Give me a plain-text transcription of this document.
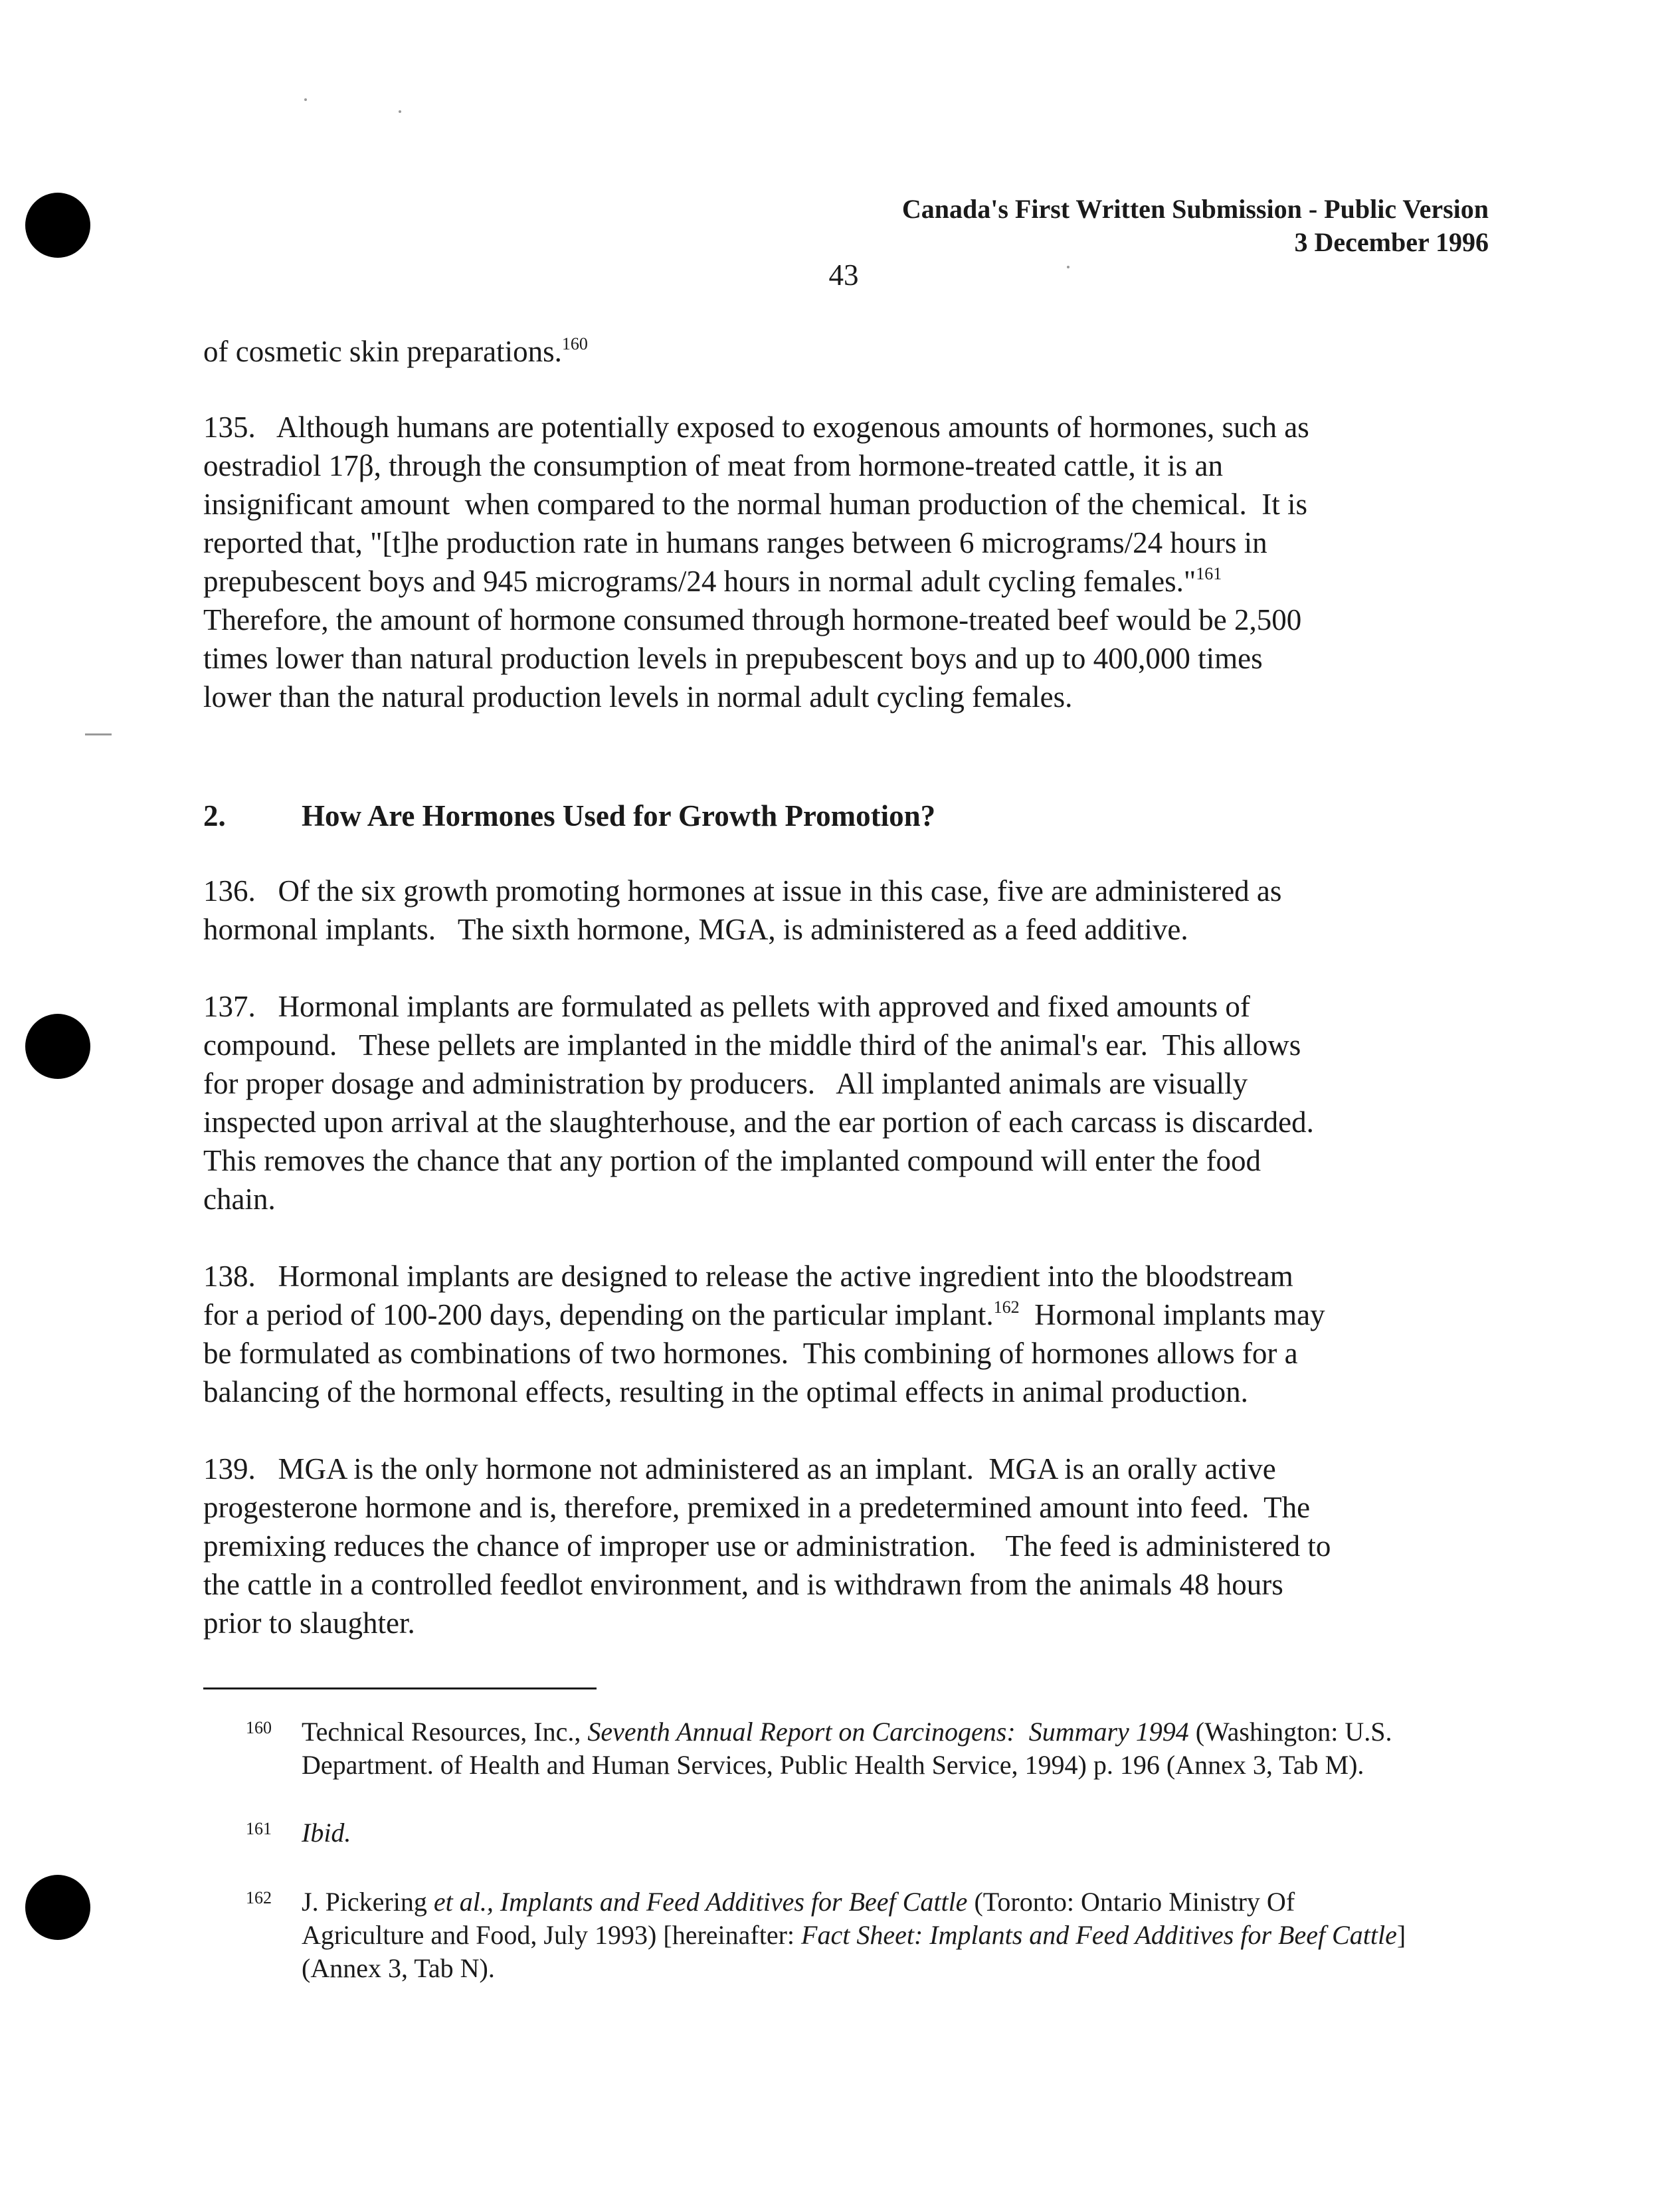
Canada's First Written Submission - Public Version
3 December 1996
43
of cosmetic skin preparations.$^{160}$
135.   Although humans are potentially exposed to exogenous amounts of hormones, such as
oestradiol 17β, through the consumption of meat from hormone-treated cattle, it is an
insignificant amount  when compared to the normal human production of the chemical.  It is
reported that, "[t]he production rate in humans ranges between 6 micrograms/24 hours in
prepubescent boys and 945 micrograms/24 hours in normal adult cycling females."$^{161}$
Therefore, the amount of hormone consumed through hormone-treated beef would be 2,500
times lower than natural production levels in prepubescent boys and up to 400,000 times
lower than the natural production levels in normal adult cycling females.
2.	How Are Hormones Used for Growth Promotion?
136.   Of the six growth promoting hormones at issue in this case, five are administered as
hormonal implants.   The sixth hormone, MGA, is administered as a feed additive.
137.   Hormonal implants are formulated as pellets with approved and fixed amounts of
compound.   These pellets are implanted in the middle third of the animal's ear.  This allows
for proper dosage and administration by producers.   All implanted animals are visually
inspected upon arrival at the slaughterhouse, and the ear portion of each carcass is discarded.
This removes the chance that any portion of the implanted compound will enter the food
chain.
138.   Hormonal implants are designed to release the active ingredient into the bloodstream
for a period of 100-200 days, depending on the particular implant.$^{162}$  Hormonal implants may
be formulated as combinations of two hormones.  This combining of hormones allows for a
balancing of the hormonal effects, resulting in the optimal effects in animal production.
139.   MGA is the only hormone not administered as an implant.  MGA is an orally active
progesterone hormone and is, therefore, premixed in a predetermined amount into feed.  The
premixing reduces the chance of improper use or administration.    The feed is administered to
the cattle in a controlled feedlot environment, and is withdrawn from the animals 48 hours
prior to slaughter.
160 Technical Resources, Inc., Seventh Annual Report on Carcinogens:  Summary 1994 (Washington: U.S.
Department. of Health and Human Services, Public Health Service, 1994) p. 196 (Annex 3, Tab M).
161 Ibid.
162 J. Pickering et al., Implants and Feed Additives for Beef Cattle (Toronto: Ontario Ministry Of
Agriculture and Food, July 1993) [hereinafter: Fact Sheet: Implants and Feed Additives for Beef Cattle]
(Annex 3, Tab N).
